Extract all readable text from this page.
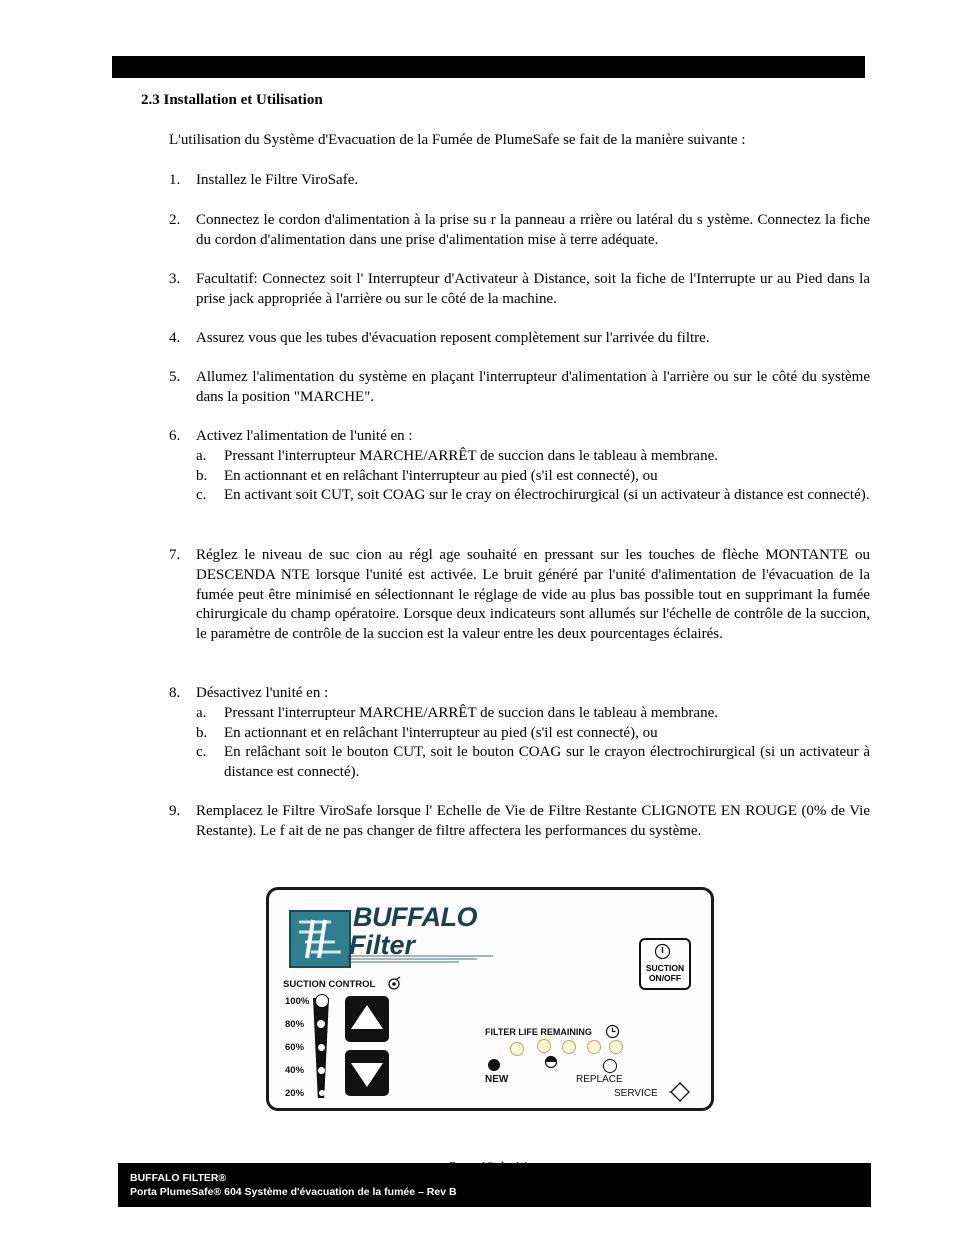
2.3 Installation et Utilisation
L'utilisation du Système d'Evacuation de la Fumée de PlumeSafe se fait de la manière suivante :
1. Installez le Filtre ViroSafe.
2. Connectez le cordon d'alimentation à la prise su r la panneau a rrière ou latéral du s ystème. Connectez la fiche du cordon d'alimentation dans une prise d'alimentation mise à terre adéquate.
3. Facultatif: Connectez soit l' Interrupteur d'Activateur à Distance, soit la fiche de l'Interrupte ur au Pied dans la prise jack appropriée à l'arrière ou sur le côté de la machine.
4. Assurez vous que les tubes d'évacuation reposent complètement sur l'arrivée du filtre.
5. Allumez l'alimentation du système en plaçant l'interrupteur d'alimentation à l'arrière ou sur le côté du système dans la position "MARCHE".
6. Activez l'alimentation de l'unité en :
a. Pressant l'interrupteur MARCHE/ARRÊT de succion dans le tableau à membrane.
b. En actionnant et en relâchant l'interrupteur au pied (s'il est connecté), ou
c. En activant soit CUT, soit COAG sur le cray on électrochirurgical (si un activateur à distance est connecté).
7. Réglez le niveau de suc cion au régl age souhaité en pressant sur les touches de flèche MONTANTE ou DESCENDA NTE lorsque l'unité est activée. Le bruit généré par l'unité d'alimentation de l'évacuation de la fumée peut être minimisé en sélectionnant le réglage de vide au plus bas possible tout en supprimant la fumée chirurgicale du champ opératoire. Lorsque deux indicateurs sont allumés sur l'échelle de contrôle de la succion, le paramètre de contrôle de la succion est la valeur entre les deux pourcentages éclairés.
8. Désactivez l'unité en :
a. Pressant l'interrupteur MARCHE/ARRÊT de succion dans le tableau à membrane.
b. En actionnant et en relâchant l'interrupteur au pied (s'il est connecté), ou
c. En relâchant soit le bouton CUT, soit le bouton COAG sur le crayon électrochirurgical (si un activateur à distance est connecté).
9. Remplacez le Filtre ViroSafe lorsque l' Echelle de Vie de Filtre Restante CLIGNOTE EN ROUGE (0% de Vie Restante). Le f ait de ne pas changer de filtre affectera les performances du système.
BUFFALO
Filter
SUCTION CONTROL
100%
80%
60%
40%
20%
SUCTION
ON/OFF
FILTER LIFE REMAINING
NEW	REPLACE
SERVICE
BUFFALO FILTER®
Porta PlumeSafe® 604 Système d'évacuation de la fumée – Rev B
